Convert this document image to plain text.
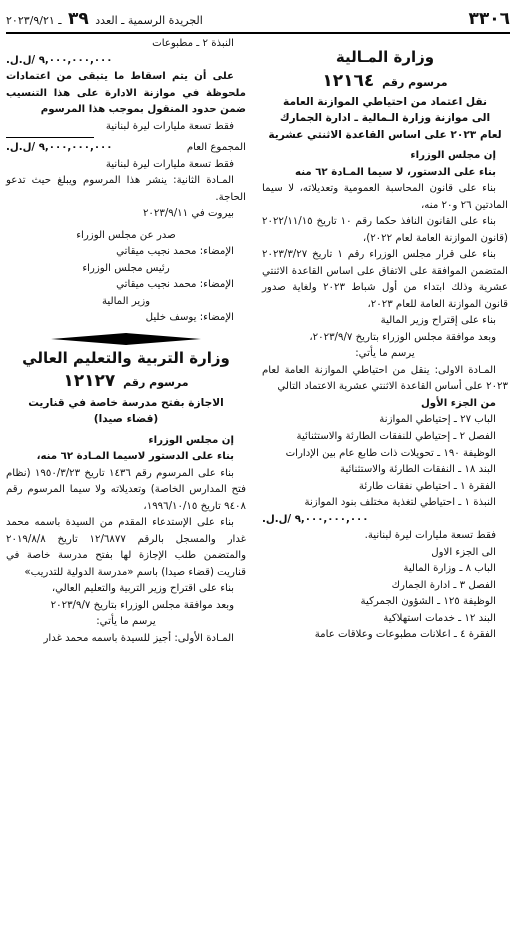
٣٣٠٦
الجريدة الرسمية ـ العدد ٣٩ ـ ٢٠٢٣/٩/٢١
وزارة المـالية
مرسوم رقم ١٢١٦٤
نقل اعتماد من احتياطي الموازنة العامة
الى موازنة وزارة الـمالية ـ ادارة الجمارك
لعام ٢٠٢٣ على اساس القاعدة الاثنتي عشرية

إن مجلس الوزراء

بناء على الدستور، لا سيما المـادة ٦٢ منه

بناء على قانون المحاسبة العمومية وتعديلاته، لا سيما المادتين ٢٦ و٢٠ منه،

بناء على القانون النافذ حكما رقم ١٠ تاريخ ٢٠٢٢/١١/١٥ (قانون الموازنة العامة لعام ٢٠٢٢)،

بناء على قرار مجلس الوزراء رقم ١ تاريخ ٢٠٢٣/٣/٢٧ المتضمن الموافقة على الاتفاق على اساس القاعدة الاثنتي عشرية وذلك ابتداء من أول شباط ٢٠٢٣ ولغاية صدور قانون الموازنة العامة للعام ٢٠٢٣،

بناء على إقتراح وزير المالية

وبعد موافقة مجلس الوزراء بتاريخ ٢٠٢٣/٩/٧،

يرسم ما يأتي:

المـادة الاولى: ينقل من احتياطي الموازنة العامة لعام ٢٠٢٣ على أساس القاعدة الاثنتي عشرية الاعتماد التالي

من الجزء الأول

الباب ٢٧ ـ إحتياطي الموازنة

الفصل ٢ ـ إحتياطي للنفقات الطارئة والاستثنائية

الوظيفة ١٩٠ ـ تحويلات ذات طابع عام بين الإدارات

البند ١٨ ـ النفقات الطارئة والاستثنائية

الفقرة ١ ـ احتياطي نفقات طارئة

النبذة ١ ـ احتياطي لتغذية مختلف بنود الموازنة

٩,٠٠٠,٠٠٠,٠٠٠ /ل.ل.

فقط تسعة مليارات ليرة لبنانية.

الى الجزء الاول

الباب ٨ ـ وزارة المالية

الفصل ٣ ـ ادارة الجمارك

الوظيفة ١٢٥ ـ الشؤون الجمركية

البند ١٢ ـ خدمات استهلاكية

الفقرة ٤ ـ اعلانات مطبوعات وعلاقات عامة

النبذة ٢ ـ مطبوعات

٩,٠٠٠,٠٠٠,٠٠٠ /ل.ل.

على أن يتم اسقاط ما يتبقى من اعتمادات ملحوظة في موازنة الادارة على هذا التنسيب ضمن حدود المنقول بموجب هذا المرسوم

فقط تسعة مليارات ليرة لبنانية

المجموع العام
٩,٠٠٠,٠٠٠,٠٠٠ /ل.ل.

فقط تسعة مليارات ليرة لبنانية

المـادة الثانية: ينشر هذا المرسوم ويبلغ حيث تدعو الحاجة.

بيروت في ٢٠٢٣/٩/١١

صدر عن مجلس الوزراء

الإمضاء: محمد نجيب ميقاتي

رئيس مجلس الوزراء

الإمضاء: محمد نجيب ميقاتي

وزير المالية

الإمضاء: يوسف خليل

وزارة التربية والتعليم العالي
مرسوم رقم ١٢١٢٧
الاجازة بفتح مدرسة خاصة في قناريت
(قضاء صيدا)

إن مجلس الوزراء

بناء على الدستور لاسيما المـادة ٦٢ منه،

بناء على المرسوم رقم ١٤٣٦ تاريخ ١٩٥٠/٣/٢٣ (نظام فتح المدارس الخاصة) وتعديلاته ولا سيما المرسوم رقم ٩٤٠٨ تاريخ ١٩٩٦/١٠/١٥،

بناء على الإستدعاء المقدم من السيدة باسمه محمد غدار والمسجل بالرقم ١٢/٦٨٧٧ تاريخ ٢٠١٩/٨/٨ والمتضمن طلب الإجازة لها بفتح مدرسة خاصة في قناريت (قضاء صيدا) باسم «مدرسة الدولية للتدريب»

بناء على اقتراح وزير التربية والتعليم العالي،

وبعد موافقة مجلس الوزراء بتاريخ ٢٠٢٣/٩/٧

يرسم ما يأتي:

المـادة الأولى: أجيز للسيدة باسمه محمد غدار
